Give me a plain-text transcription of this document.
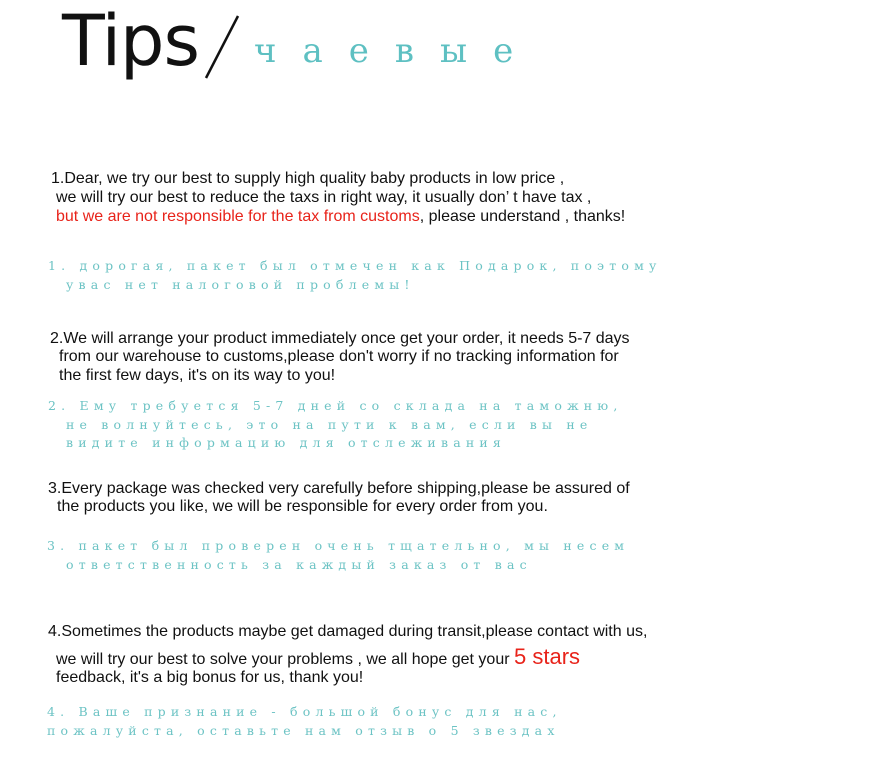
Tips чаевые
1.Dear, we try our best to supply high quality baby products in low price ,
we will try our best to reduce the taxs in right way, it usually don’ t have tax ,
but we are not responsible for the tax from customs, please understand , thanks!
1. дорогая, пакет был отмечен как Подарок, поэтому
увас нет налоговой проблемы!
2.We will arrange your product immediately once get your order, it needs 5-7 days
from our warehouse to customs,please don't worry if no tracking information for
the first few days, it's on its way to you!
2. Ему требуется 5-7 дней со склада на таможню,
не волнуйтесь, это на пути к вам, если вы не
видите информацию для отслеживания
3.Every package was checked very carefully before shipping,please be assured of
the products you like, we will be responsible for every order from you.
3. пакет был проверен очень тщательно, мы несем
ответственность за каждый заказ от вас
4.Sometimes the products maybe get damaged during transit,please contact with us,
we will try our best to solve your problems , we all hope get your 5 stars
feedback, it's a big bonus for us, thank you!
4. Ваше признание - большой бонус для нас,
пожалуйста, оставьте нам отзыв о 5 звездах
